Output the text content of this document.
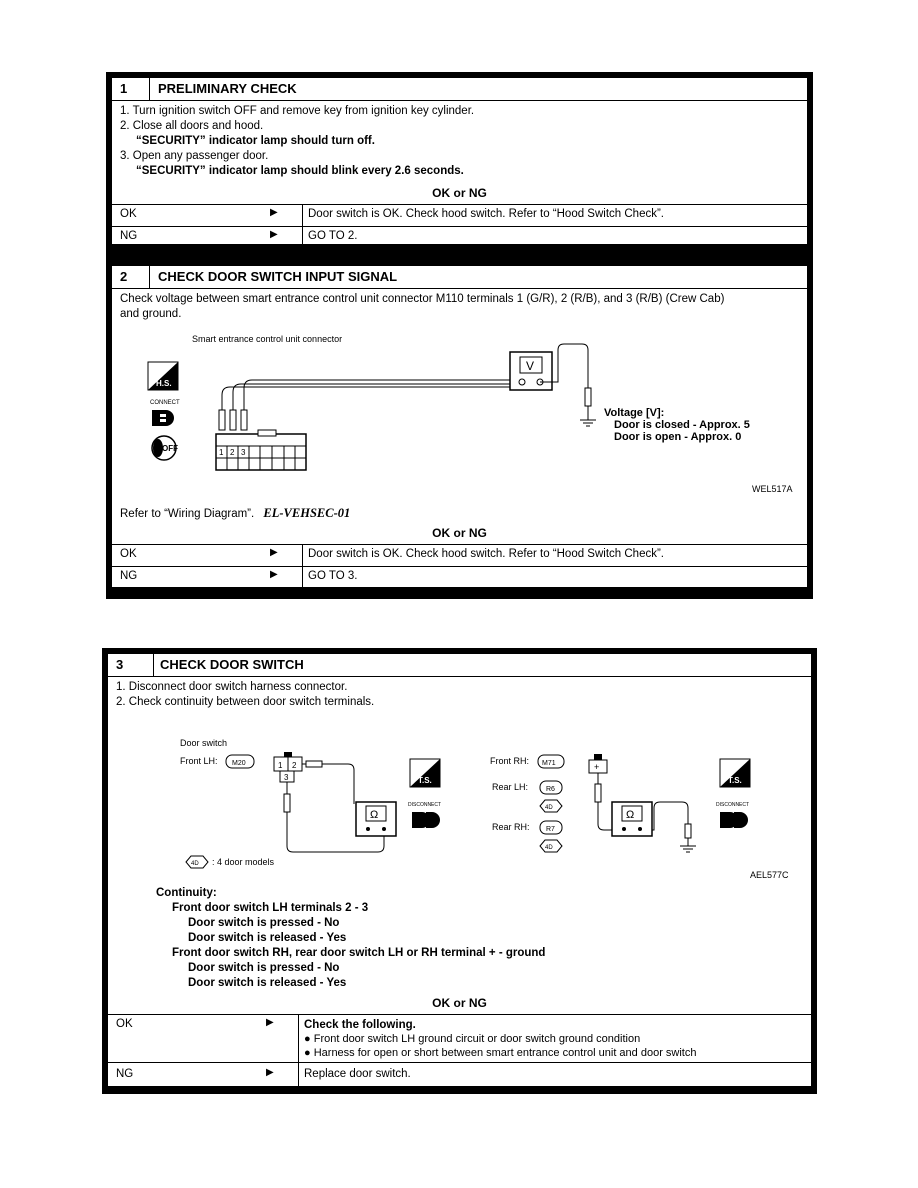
1	PRELIMINARY CHECK
1. Turn ignition switch OFF and remove key from ignition key cylinder.
2. Close all doors and hood.
“SECURITY” indicator lamp should turn off.
3. Open any passenger door.
“SECURITY” indicator lamp should blink every 2.6 seconds.
OK or NG
OK	▶	Door switch is OK. Check hood switch. Refer to “Hood Switch Check”.
NG	▶	GO TO 2.
2	CHECK DOOR SWITCH INPUT SIGNAL
Check voltage between smart entrance control unit connector M110 terminals 1 (G/R), 2 (R/B), and 3 (R/B) (Crew Cab)
and ground.
Smart entrance control unit connector
H.S.
CONNECT
OFF	1 2 3
V
Voltage [V]:
Door is closed - Approx. 5
Door is open - Approx. 0
WEL517A
Refer to “Wiring Diagram”. EL-VEHSEC-01
OK or NG
OK	▶	Door switch is OK. Check hood switch. Refer to “Hood Switch Check”.
NG	▶	GO TO 3.
3	CHECK DOOR SWITCH
1. Disconnect door switch harness connector.
2. Check continuity between door switch terminals.
Door switch
Front LH: M20	1 2
3
Ω
T.S.
DISCONNECT
Front RH: M71
Rear LH:	R6
4D
Rear RH: R7
4D
+
Ω
T.S.
DISCONNECT
4D : 4 door models
AEL577C
Continuity:
Front door switch LH terminals 2 - 3
Door switch is pressed - No
Door switch is released - Yes
Front door switch RH, rear door switch LH or RH terminal + - ground
Door switch is pressed - No
Door switch is released - Yes
OK or NG
OK	▶	Check the following.
● Front door switch LH ground circuit or door switch ground condition
● Harness for open or short between smart entrance control unit and door switch
NG	▶	Replace door switch.
